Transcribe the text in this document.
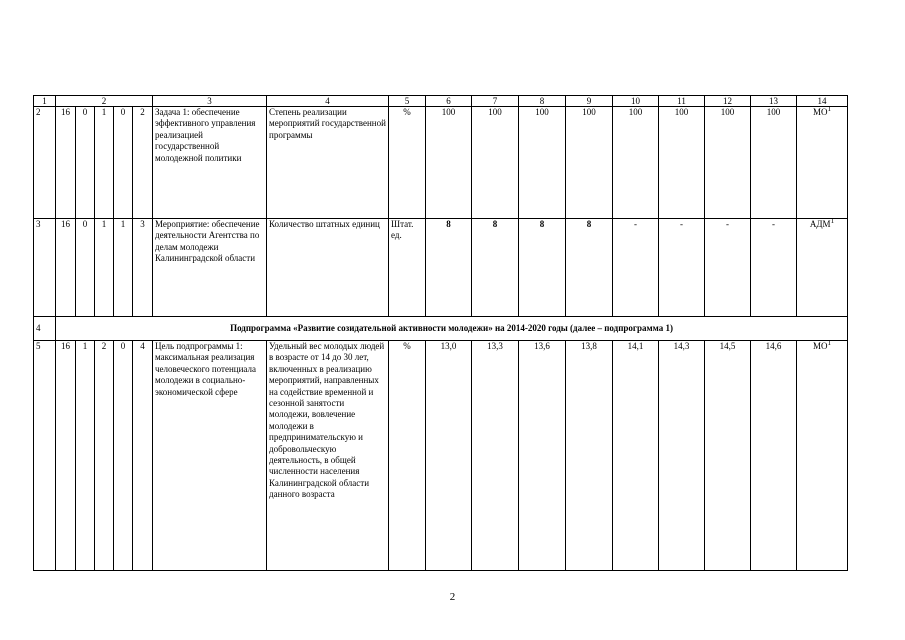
1	2					3	4	5	6	7	8	9	10	11	12	13	14
2	16	0	1	0	2	Задача 1: обеспечение эффективного управления реализацией государственной молодежной политики	Степень реализации мероприятий государственной программы	%	100	100	100	100	100	100	100	100	$МО^1$
3	16	0	1	1	3	Мероприятие: обеспечение деятельности Агентства по делам молодежи Калининградской области	Количество штатных единиц	Штат. ед.	8	8	8	8	-	-	-	-	АДМ$^1$
4	Подпрограмма «Развитие созидательной активности молодежи» на 2014-2020 годы (далее – подпрограмма 1)																
5	16	1	2	0	4	Цель подпрограммы 1: максимальная реализация человеческого потенциала молодежи в социально-экономической сфере	Удельный вес молодых людей в возрасте от 14 до 30 лет, включенных в реализацию мероприятий, направленных на содействие временной и сезонной занятости молодежи, вовлечение молодежи в предпринимательскую и добровольческую деятельность, в общей численности населения Калининградской области данного возраста	%	13,0	13,3	13,6	13,8	14,1	14,3	14,5	14,6	$МО^1$
2
